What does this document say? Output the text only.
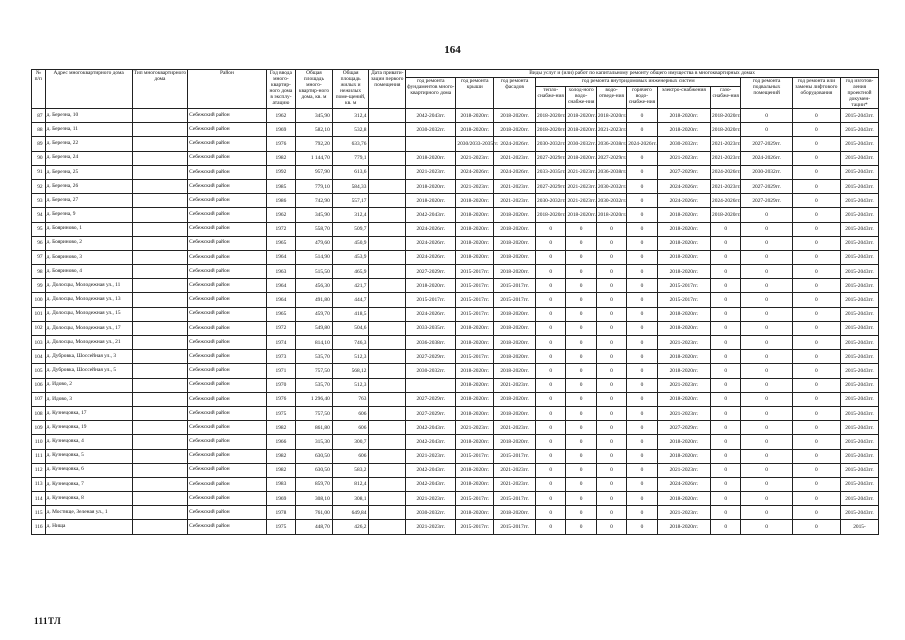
164
№ п/п	Адрес многоквартирного дома	Тип многоквартирного дома	Район	Год ввода много-квартир-ного дома в эксплу-атацию	Общая площадь много-квартир-ного дома, кв. м	Общая площадь жилых и нежилых поме-щений, кв. м	Дата привати-зации первого помещения	Виды услуг и (или) работ по капитальному ремонту общего имущества в многоквартирных домах											
								год ремонта фундаментов много-квартирного дома	год ремонта крыши	год ремонта фасадов	год ремонта внутридомовых инженерных систем						год ремонта подвальных помещений	год ремонта или замены лифтового оборудования	год изготов-ления проектной докумен-тации*
											тепло-снабже-ния	холод-ного водо-снабже-ния	водо-отведе-ния	горячего водо-снабже-ния	электро-снабжения	газо-снабже-ния			
87	д. Березна, 10		Себежский район	1962	345,90	312,4		2042-2043гг.	2018-2020гг.	2018-2020гг.	2018-2020гг.	2018-2020гг.	2018-2020гг.	0	2018-2020гг.	2018-2020гг.	0	0	2015-2043гг.
88	д. Березна, 11		Себежский район	1969	582,10	532,8		2030-2032гг.	2018-2020гг.	2018-2020гг.	2018-2020гг.	2018-2020гг.	2021-2023гг.	0	2018-2020гг.	2018-2020гг.	0	0	2015-2043гг.
89	д. Березна, 22		Себежский район	1976	792,20	633,76			2030/2033-2035гг.	2024-2026гг.	2030-2032гг.	2030-2032гг.	2036-2038гг.	2024-2026гг.	2030-2032гг.	2021-2023гг.	2027-2029гг.	0	2015-2043гг.
90	д. Березна, 24		Себежский район	1982	1 144,70	779,1		2018-2020гг.	2021-2023гг.	2021-2023гг.	2027-2029гг.	2018-2020гг.	2027-2029гг.	0	2021-2023гг.	2021-2023гг.	2024-2026гг.	0	2015-2043гг.
91	д. Березна, 25		Себежский район	1992	957,90	613,6		2021-2023гг.	2024-2026гг.	2024-2026гг.	2033-2035гг.	2021-2023гг.	2036-2038гг.	0	2027-2029гг.	2024-2026гг.	2030-2032гг.	0	2015-2043гг.
92	д. Березна, 26		Себежский район	1985	779,10	584,33		2018-2020гг.	2021-2023гг.	2021-2023гг.	2027-2029гг.	2021-2023гг.	2030-2032гг.	0	2024-2026гг.	2021-2023гг.	2027-2029гг.	0	2015-2043гг.
93	д. Березна, 27		Себежский район	1986	742,90	557,17		2018-2020гг.	2018-2020гг.	2021-2023гг.	2030-2032гг.	2021-2023гг.	2030-2032гг.	0	2024-2026гг.	2024-2026гг.	2027-2029гг.	0	2015-2043гг.
94	д. Березна, 9		Себежский район	1962	345,90	312,4		2042-2043гг.	2018-2020гг.	2018-2020гг.	2018-2020гг.	2018-2020гг.	2018-2020гг.	0	2018-2020гг.	2018-2020гг.	0	0	2015-2043гг.
95	д. Бояриново, 1		Себежский район	1972	558,70	509,7		2024-2026гг.	2018-2020гг.	2018-2020гг.	0	0	0	0	2018-2020гг.	0	0	0	2015-2043гг.
96	д. Бояриново, 2		Себежский район	1965	479,60	450,9		2024-2026гг.	2018-2020гг.	2018-2020гг.	0	0	0	0	2018-2020гг.	0	0	0	2015-2043гг.
97	д. Бояриново, 3		Себежский район	1964	514,90	453,9		2024-2026гг.	2018-2020гг.	2018-2020гг.	0	0	0	0	2018-2020гг.	0	0	0	2015-2043гг.
98	д. Бояриново, 4		Себежский район	1963	515,50	465,9		2027-2029гг.	2015-2017гг.	2018-2020гг.	0	0	0	0	2018-2020гг.	0	0	0	2015-2043гг.
99	д. Долосцы, Молодежная ул., 11		Себежский район	1964	456,30	421,7		2018-2020гг.	2015-2017гг.	2015-2017гг.	0	0	0	0	2015-2017гг.	0	0	0	2015-2043гг.
100	д. Долосцы, Молодежная ул., 13		Себежский район	1964	491,80	444,7		2015-2017гг.	2015-2017гг.	2015-2017гг.	0	0	0	0	2015-2017гг.	0	0	0	2015-2043гг.
101	д. Долосцы, Молодежная ул., 15		Себежский район	1965	459,70	418,5		2024-2026гг.	2015-2017гг.	2018-2020гг.	0	0	0	0	2018-2020гг.	0	0	0	2015-2043гг.
102	д. Долосцы, Молодежная ул., 17		Себежский район	1972	549,80	504,6		2033-2035гг.	2018-2020гг.	2018-2020гг.	0	0	0	0	2018-2020гг.	0	0	0	2015-2043гг.
103	д. Долосцы, Молодежная ул., 21		Себежский район	1974	814,10	746,3		2036-2038гг.	2018-2020гг.	2018-2020гг.	0	0	0	0	2021-2023гг.	0	0	0	2015-2043гг.
104	д. Дубровка, Шоссейная ул., 3		Себежский район	1973	535,70	512,3		2027-2029гг.	2015-2017гг.	2018-2020гг.	0	0	0	0	2018-2020гг.	0	0	0	2015-2043гг.
105	д. Дубровка, Шоссейная ул., 5		Себежский район	1971	757,50	568,12		2030-2032гг.	2018-2020гг.	2018-2020гг.	0	0	0	0	2018-2020гг.	0	0	0	2015-2043гг.
106	д. Идово, 2		Себежский район	1970	535,70	512,3			2018-2020гг.	2021-2023гг.	0	0	0	0	2021-2023гг.	0	0	0	2015-2043гг.
107	д. Идово, 3		Себежский район	1976	1 296,40	763		2027-2029гг.	2018-2020гг.	2018-2020гг.	0	0	0	0	2018-2020гг.	0	0	0	2015-2043гг.
108	д. Кузнецовка, 17		Себежский район	1975	757,50	606		2027-2029гг.	2018-2020гг.	2018-2020гг.	0	0	0	0	2021-2023гг.	0	0	0	2015-2043гг.
109	д. Кузнецовка, 19		Себежский район	1982	861,80	606		2042-2043гг.	2021-2023гг.	2021-2023гг.	0	0	0	0	2027-2029гг.	0	0	0	2015-2043гг.
110	д. Кузнецовка, 4		Себежский район	1966	315,30	300,7		2042-2043гг.	2018-2020гг.	2018-2020гг.	0	0	0	0	2018-2020гг.	0	0	0	2015-2043гг.
111	д. Кузнецовка, 5		Себежский район	1982	630,50	606		2021-2023гг.	2015-2017гг.	2015-2017гг.	0	0	0	0	2018-2020гг.	0	0	0	2015-2043гг.
112	д. Кузнецовка, 6		Себежский район	1982	630,50	583,2		2042-2043гг.	2018-2020гг.	2021-2023гг.	0	0	0	0	2021-2023гг.	0	0	0	2015-2043гг.
113	д. Кузнецовка, 7		Себежский район	1983	859,70	812,4		2042-2043гг.	2018-2020гг.	2021-2023гг.	0	0	0	0	2024-2026гг.	0	0	0	2015-2043гг.
114	д. Кузнецовка, 8		Себежский район	1969	308,10	308,1		2021-2023гг.	2015-2017гг.	2015-2017гг.	0	0	0	0	2018-2020гг.	0	0	0	2015-2043гг.
115	д. Мостище, Зеленая ул., 1		Себежский район	1978	761,00	649,84		2030-2032гг.	2018-2020гг.	2018-2020гг.	0	0	0	0	2021-2023гг.	0	0	0	2015-2043гг.
116	д. Нища		Себежский район	1975	448,70	426,2		2021-2023гг.	2015-2017гг.	2015-2017гг.	0	0	0	0	2018-2020гг.	0	0	0	2015-
111ТЛ
